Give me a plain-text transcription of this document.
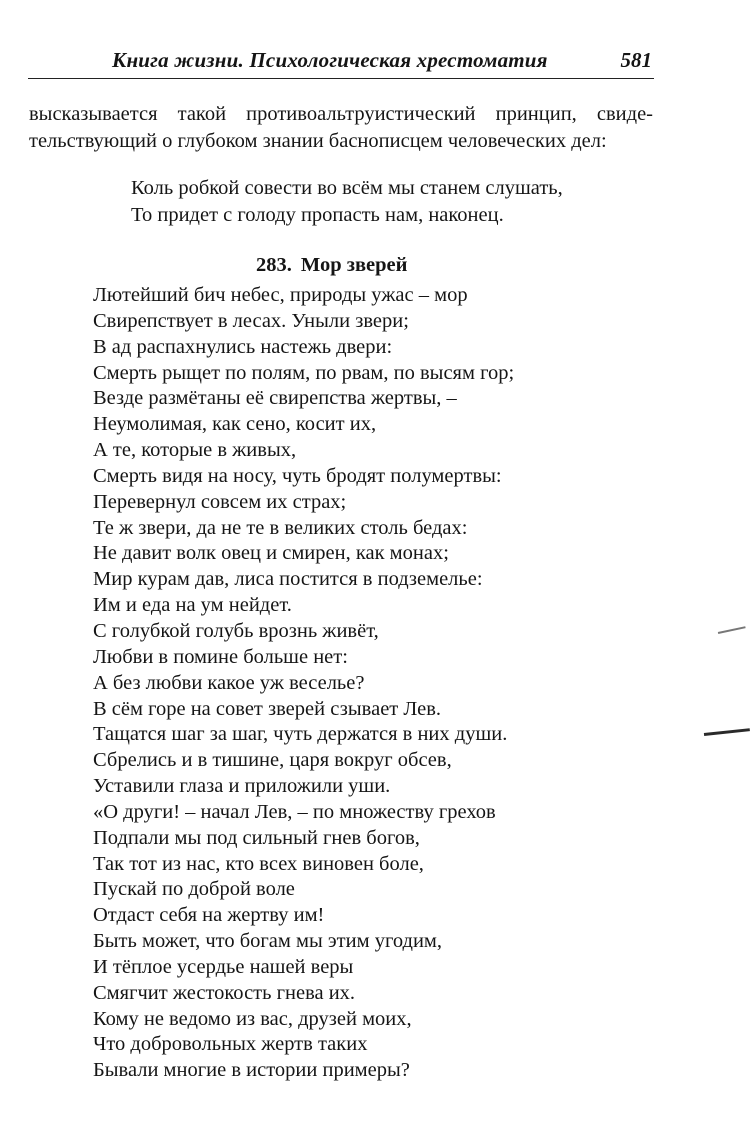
Книга жизни. Психологическая хрестоматия	581
высказывается такой противоальтруистический принцип, свиде-
тельствующий о глубоком знании баснописцем человеческих дел:
Коль робкой совести во всём мы станем слушать,
То придет с голоду пропасть нам, наконец.
283. Мор зверей
Лютейший бич небес, природы ужас – мор
Свирепствует в лесах. Уныли звери;
В ад распахнулись настежь двери:
Смерть рыщет по полям, по рвам, по высям гор;
Везде размётаны её свирепства жертвы, –
Неумолимая, как сено, косит их,
А те, которые в живых,
Смерть видя на носу, чуть бродят полумертвы:
Перевернул совсем их страх;
Те ж звери, да не те в великих столь бедах:
Не давит волк овец и смирен, как монах;
Мир курам дав, лиса постится в подземелье:
Им и еда на ум нейдет.
С голубкой голубь врознь живёт,
Любви в помине больше нет:
А без любви какое уж веселье?
В сём горе на совет зверей сзывает Лев.
Тащатся шаг за шаг, чуть держатся в них души.
Сбрелись и в тишине, царя вокруг обсев,
Уставили глаза и приложили уши.
«О други! – начал Лев, – по множеству грехов
Подпали мы под сильный гнев богов,
Так тот из нас, кто всех виновен боле,
Пускай по доброй воле
Отдаст себя на жертву им!
Быть может, что богам мы этим угодим,
И тёплое усердье нашей веры
Смягчит жестокость гнева их.
Кому не ведомо из вас, друзей моих,
Что добровольных жертв таких
Бывали многие в истории примеры?
